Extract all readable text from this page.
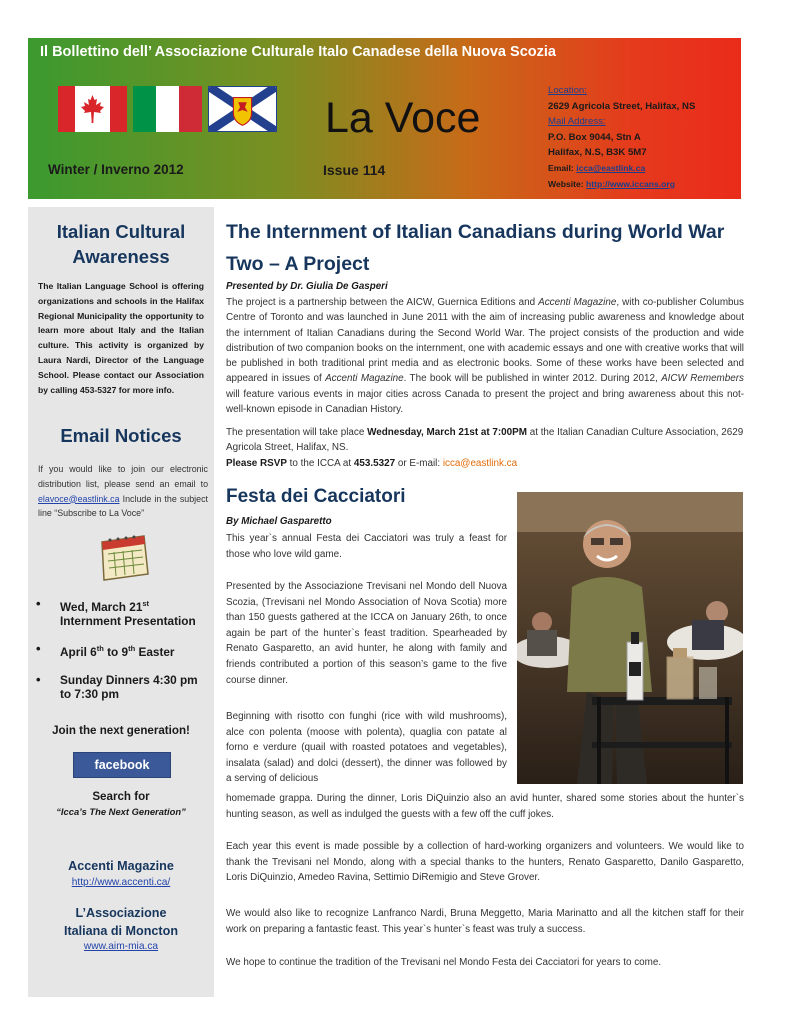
Il Bollettino dell’ Associazione Culturale Italo Canadese della Nuova Scozia
La Voce
Winter / Inverno 2012	Issue 114
Location:
2629 Agricola Street, Halifax, NS
Mail Address:
P.O. Box 9044, Stn A
Halifax, N.S, B3K 5M7
Email: icca@eastlink.ca
Website: http://www.iccans.org
Italian Cultural Awareness
The Italian Language School is offering organizations and schools in the Halifax Regional Municipality the opportunity to learn more about Italy and the Italian culture. This activity is organized by Laura Nardi, Director of the Language School. Please contact our Association by calling 453-5327 for more info.
Email Notices
If you would like to join our electronic distribution list, please send an email to elavoce@eastlink.ca Include in the subject line “Subscribe to La Voce”
• Wed, March 21st
Internment Presentation
• April 6th to 9th Easter
• Sunday Dinners 4:30 pm to 7:30 pm
Join the next generation!
facebook
Search for
“Icca’s The Next Generation”
Accenti Magazine
http://www.accenti.ca/
L’Associazione
Italiana di Moncton
www.aim-mia.ca
The Internment of Italian Canadians during World War Two – A Project
Presented by Dr. Giulia De Gasperi

The project is a partnership between the AICW, Guernica Editions and Accenti Magazine, with co-publisher Columbus Centre of Toronto and was launched in June 2011 with the aim of increasing public awareness and knowledge about the internment of Italian Canadians during the Second World War. The project consists of the production and wide distribution of two companion books on the internment, one with academic essays and one with creative works that will be published in both traditional print media and as electronic books. Some of these works have been selected and appeared in issues of Accenti Magazine. The book will be published in winter 2012. During 2012, AICW Remembers will feature various events in major cities across Canada to present the project and bring awareness about this not-well-known episode in Canadian History.

The presentation will take place Wednesday, March 21st at 7:00PM at the Italian Canadian Culture Association, 2629 Agricola Street, Halifax, NS.
Please RSVP to the ICCA at 453.5327 or E-mail: icca@eastlink.ca

Festa dei Cacciatori
By Michael Gasparetto

This year`s annual Festa dei Cacciatori was truly a feast for those who love wild game.

Presented by the Associazione Trevisani nel Mondo dell Nuova Scozia, (Trevisani nel Mondo Association of Nova Scotia) more than 150 guests gathered at the ICCA on January 26th, to once again be part of the hunter`s feast tradition. Spearheaded by Renato Gasparetto, an avid hunter, he along with family and friends contributed a portion of this season’s game to the five course dinner.

Beginning with risotto con funghi (rice with wild mushrooms), alce con polenta (moose with polenta), quaglia con patate al forno e verdure (quail with roasted potatoes and vegetables), insalata (salad) and dolci (dessert), the dinner was followed by a serving of delicious

homemade grappa. During the dinner, Loris DiQuinzio also an avid hunter, shared some stories about the hunter`s hunting season, as well as indulged the guests with a few off the cuff jokes.

Each year this event is made possible by a collection of hard-working organizers and volunteers. We would like to thank the Trevisani nel Mondo, along with a special thanks to the hunters, Renato Gasparetto, Danilo Gasparetto, Loris DiQuinzio, Amedeo Ravina, Settimio DiRemigio and Steve Grover.

We would also like to recognize Lanfranco Nardi, Bruna Meggetto, Maria Marinatto and all the kitchen staff for their work on preparing a fantastic feast. This year`s hunter`s feast was truly a success.

We hope to continue the tradition of the Trevisani nel Mondo Festa dei Cacciatori for years to come.
